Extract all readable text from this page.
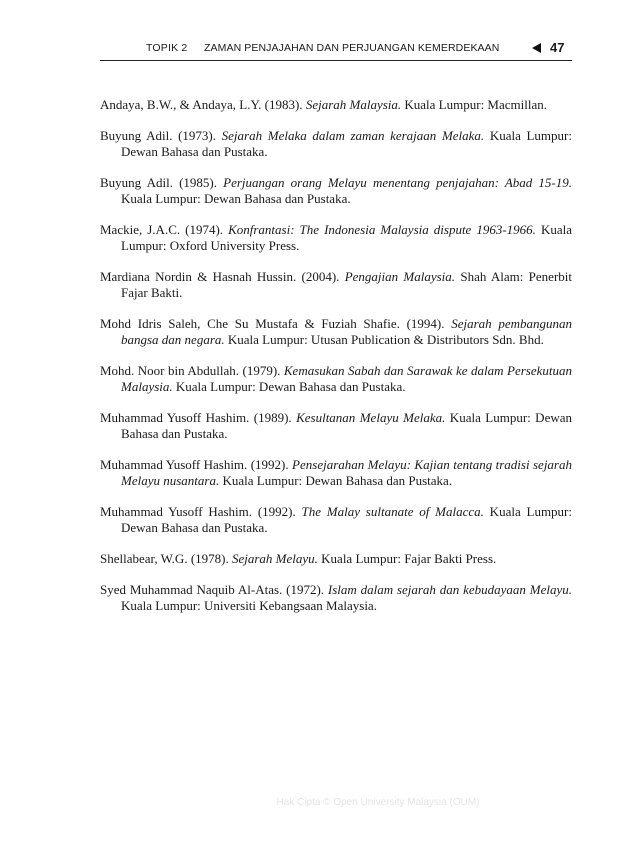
TOPIK 2 ZAMAN PENJAJAHAN DAN PERJUANGAN KEMERDEKAAN	47

Andaya, B.W., & Andaya, L.Y. (1983). Sejarah Malaysia. Kuala Lumpur: Macmillan.

Buyung Adil. (1973). Sejarah Melaka dalam zaman kerajaan Melaka. Kuala Lumpur: Dewan Bahasa dan Pustaka.

Buyung Adil. (1985). Perjuangan orang Melayu menentang penjajahan: Abad 15-19. Kuala Lumpur: Dewan Bahasa dan Pustaka.

Mackie, J.A.C. (1974). Konfrantasi: The Indonesia Malaysia dispute 1963-1966. Kuala Lumpur: Oxford University Press.

Mardiana Nordin & Hasnah Hussin. (2004). Pengajian Malaysia. Shah Alam: Penerbit Fajar Bakti.

Mohd Idris Saleh, Che Su Mustafa & Fuziah Shafie. (1994). Sejarah pembangunan bangsa dan negara. Kuala Lumpur: Utusan Publication & Distributors Sdn. Bhd.

Mohd. Noor bin Abdullah. (1979). Kemasukan Sabah dan Sarawak ke dalam Persekutuan Malaysia. Kuala Lumpur: Dewan Bahasa dan Pustaka.

Muhammad Yusoff Hashim. (1989). Kesultanan Melayu Melaka. Kuala Lumpur: Dewan Bahasa dan Pustaka.

Muhammad Yusoff Hashim. (1992). Pensejarahan Melayu: Kajian tentang tradisi sejarah Melayu nusantara. Kuala Lumpur: Dewan Bahasa dan Pustaka.

Muhammad Yusoff Hashim. (1992). The Malay sultanate of Malacca. Kuala Lumpur: Dewan Bahasa dan Pustaka.

Shellabear, W.G. (1978). Sejarah Melayu. Kuala Lumpur: Fajar Bakti Press.

Syed Muhammad Naquib Al-Atas. (1972). Islam dalam sejarah dan kebudayaan Melayu. Kuala Lumpur: Universiti Kebangsaan Malaysia.

Hak Cipta © Open University Malaysia (OUM)
